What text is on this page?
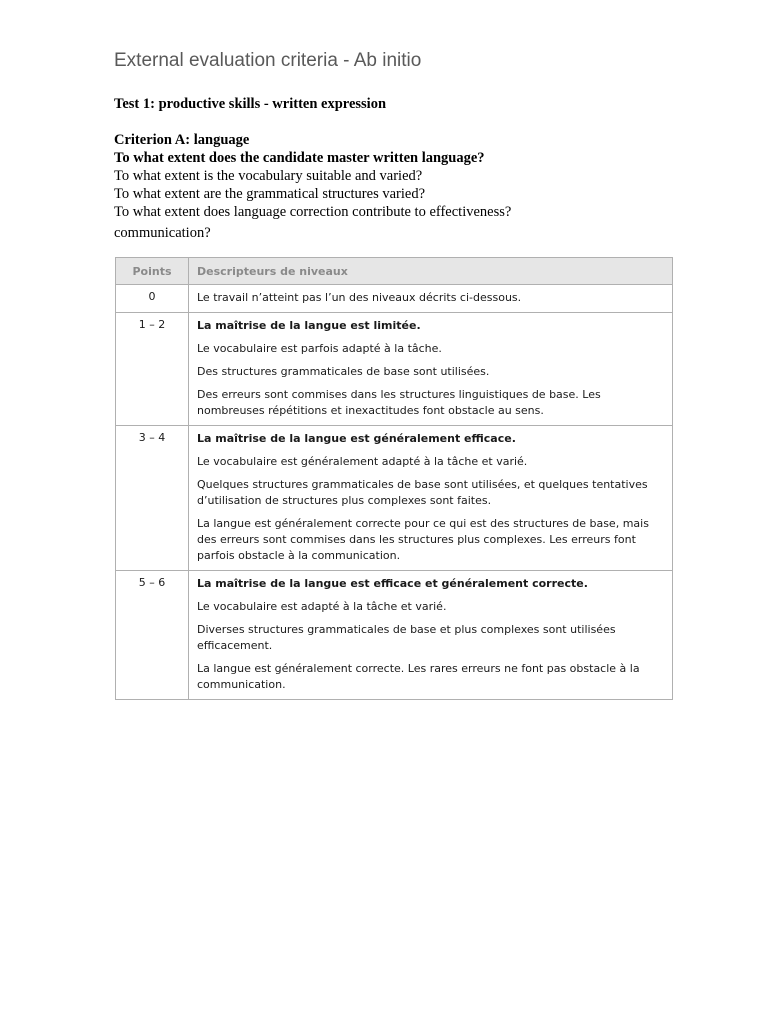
External evaluation criteria - Ab initio
Test 1: productive skills - written expression
Criterion A: language
To what extent does the candidate master written language?
To what extent is the vocabulary suitable and varied?
To what extent are the grammatical structures varied?
To what extent does language correction contribute to effectiveness?
communication?
Points	Descripteurs de niveaux
0	Le travail n’atteint pas l’un des niveaux décrits ci-dessous.

1 – 2	La maîtrise de la langue est limitée.

Le vocabulaire est parfois adapté à la tâche.

Des structures grammaticales de base sont utilisées.

Des erreurs sont commises dans les structures linguistiques de base. Les nombreuses répétitions et inexactitudes font obstacle au sens.

3 – 4	La maîtrise de la langue est généralement efficace.

Le vocabulaire est généralement adapté à la tâche et varié.

Quelques structures grammaticales de base sont utilisées, et quelques tentatives d’utilisation de structures plus complexes sont faites.

La langue est généralement correcte pour ce qui est des structures de base, mais des erreurs sont commises dans les structures plus complexes. Les erreurs font parfois obstacle à la communication.

5 – 6	La maîtrise de la langue est efficace et généralement correcte.

Le vocabulaire est adapté à la tâche et varié.

Diverses structures grammaticales de base et plus complexes sont utilisées efficacement.

La langue est généralement correcte. Les rares erreurs ne font pas obstacle à la communication.
